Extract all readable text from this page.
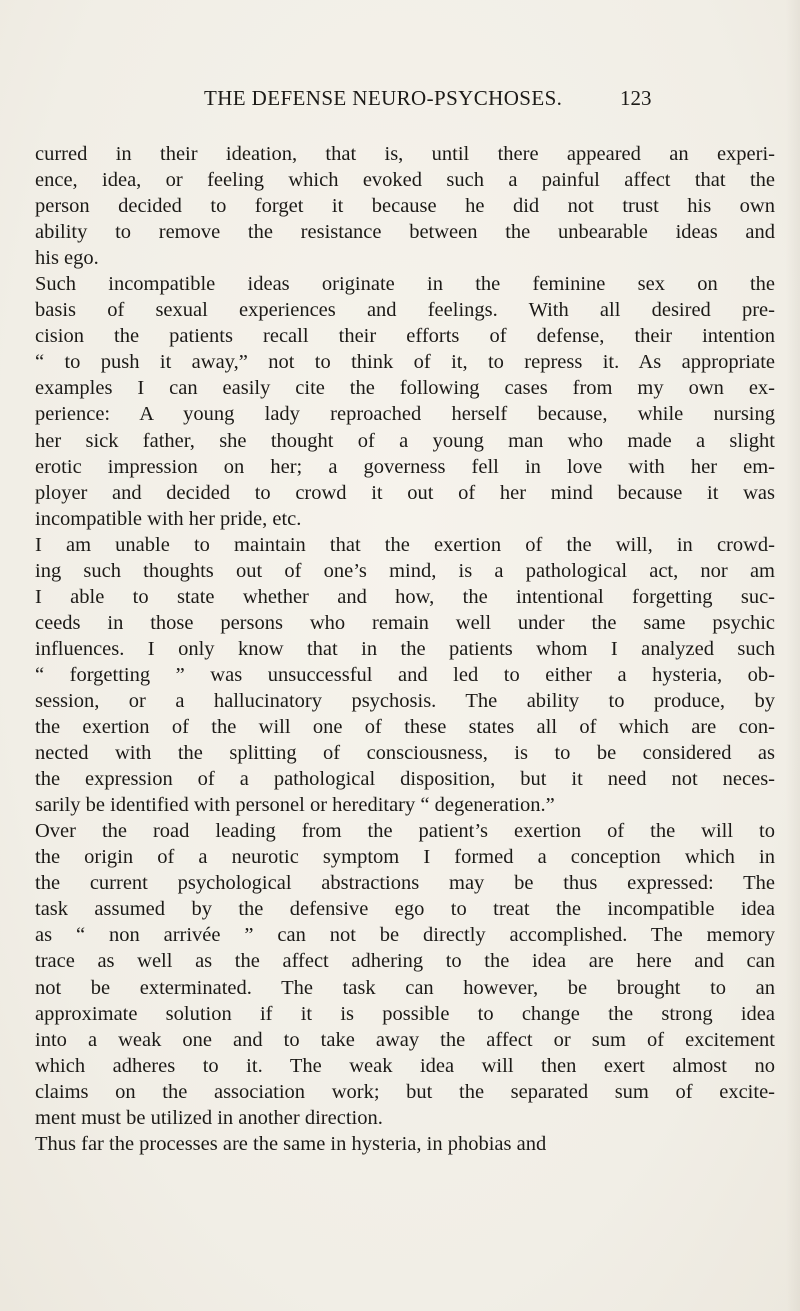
THE DEFENSE NEURO-PSYCHOSES.	123
curred in their ideation, that is, until there appeared an experi-
ence, idea, or feeling which evoked such a painful affect that the
person decided to forget it because he did not trust his own
ability to remove the resistance between the unbearable ideas and
his ego.
Such incompatible ideas originate in the feminine sex on the
basis of sexual experiences and feelings. With all desired pre-
cision the patients recall their efforts of defense, their intention
“ to push it away,” not to think of it, to repress it. As appropriate
examples I can easily cite the following cases from my own ex-
perience: A young lady reproached herself because, while nursing
her sick father, she thought of a young man who made a slight
erotic impression on her; a governess fell in love with her em-
ployer and decided to crowd it out of her mind because it was
incompatible with her pride, etc.
I am unable to maintain that the exertion of the will, in crowd-
ing such thoughts out of one’s mind, is a pathological act, nor am
I able to state whether and how, the intentional forgetting suc-
ceeds in those persons who remain well under the same psychic
influences. I only know that in the patients whom I analyzed such
“ forgetting ” was unsuccessful and led to either a hysteria, ob-
session, or a hallucinatory psychosis. The ability to produce, by
the exertion of the will one of these states all of which are con-
nected with the splitting of consciousness, is to be considered as
the expression of a pathological disposition, but it need not neces-
sarily be identified with personel or hereditary “ degeneration.”
Over the road leading from the patient’s exertion of the will to
the origin of a neurotic symptom I formed a conception which in
the current psychological abstractions may be thus expressed: The
task assumed by the defensive ego to treat the incompatible idea
as “ non arrivée ” can not be directly accomplished. The memory
trace as well as the affect adhering to the idea are here and can
not be exterminated. The task can however, be brought to an
approximate solution if it is possible to change the strong idea
into a weak one and to take away the affect or sum of excitement
which adheres to it. The weak idea will then exert almost no
claims on the association work; but the separated sum of excite-
ment must be utilized in another direction.
Thus far the processes are the same in hysteria, in phobias and
